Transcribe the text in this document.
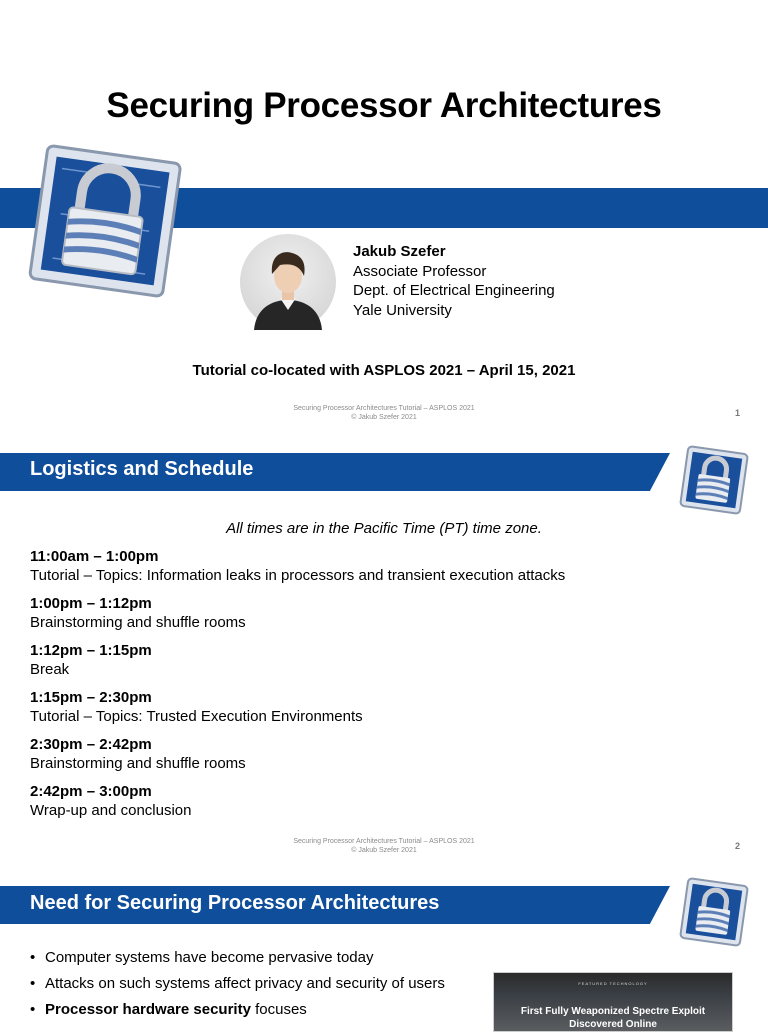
Securing Processor Architectures
Jakub Szefer
Associate Professor
Dept. of Electrical Engineering
Yale University
Tutorial co-located with ASPLOS 2021 – April 15, 2021
Securing Processor Architectures Tutorial – ASPLOS 2021
© Jakub Szefer 2021	1
Logistics and Schedule
All times are in the Pacific Time (PT) time zone.
11:00am – 1:00pm
Tutorial – Topics: Information leaks in processors and transient execution attacks
1:00pm – 1:12pm
Brainstorming and shuffle rooms
1:12pm – 1:15pm
Break
1:15pm – 2:30pm
Tutorial – Topics: Trusted Execution Environments
2:30pm – 2:42pm
Brainstorming and shuffle rooms
2:42pm – 3:00pm
Wrap-up and conclusion
Securing Processor Architectures Tutorial – ASPLOS 2021
© Jakub Szefer 2021	2
Need for Securing Processor Architectures
• Computer systems have become pervasive today
• Attacks on such systems affect privacy and security of users
• Processor hardware security focuses
FEATURED TECHNOLOGY
First Fully Weaponized Spectre Exploit Discovered Online
